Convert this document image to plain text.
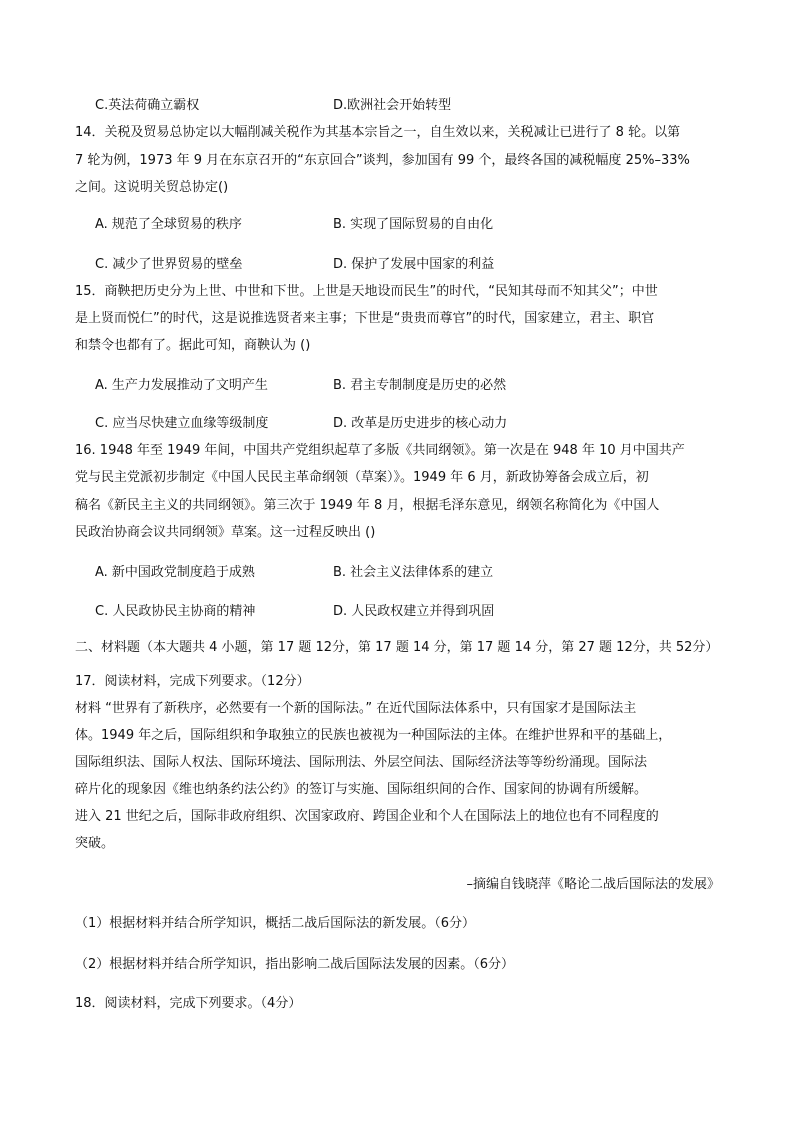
C.英法荷确立霸权	D.欧洲社会开始转型
14．关税及贸易总协定以大幅削减关税作为其基本宗旨之一，自生效以来，关税减让已进行了 8 轮。以第
7 轮为例，1973 年 9 月在东京召开的“东京回合”谈判，参加国有 99 个，最终各国的减税幅度 25%–33%
之间。这说明关贸总协定()
A. 规范了全球贸易的秩序	B. 实现了国际贸易的自由化
C. 减少了世界贸易的壁垒	D. 保护了发展中国家的利益
15．商鞅把历史分为上世、中世和下世。上世是天地设而民生”的时代，“民知其母而不知其父”；中世
是上贤而悦仁”的时代，这是说推选贤者来主事；下世是“贵贵而尊官”的时代，国家建立，君主、职官
和禁令也都有了。据此可知，商鞅认为 ()
A. 生产力发展推动了文明产生	B. 君主专制制度是历史的必然
C. 应当尽快建立血缘等级制度	D. 改革是历史进步的核心动力
16. 1948 年至 1949 年间，中国共产党组织起草了多版《共同纲领》。第一次是在 948 年 10 月中国共产
党与民主党派初步制定《中国人民民主革命纲领（草案）》。1949 年 6 月，新政协筹备会成立后，初
稿名《新民主主义的共同纲领》。第三次于 1949 年 8 月，根据毛泽东意见，纲领名称简化为《中国人
民政治协商会议共同纲领》草案。这一过程反映出 ()
A. 新中国政党制度趋于成熟	B. 社会主义法律体系的建立
C. 人民政协民主协商的精神	D. 人民政权建立并得到巩固
二、材料题（本大题共 4 小题，第 17 题 12分，第 17 题 14 分，第 17 题 14 分，第 27 题 12分，共 52分）
17．阅读材料，完成下列要求。（12分）
材料 “世界有了新秩序，必然要有一个新的国际法。” 在近代国际法体系中，只有国家才是国际法主
体。1949 年之后，国际组织和争取独立的民族也被视为一种国际法的主体。在维护世界和平的基础上，
国际组织法、国际人权法、国际环境法、国际刑法、外层空间法、国际经济法等等纷纷涌现。国际法
碎片化的现象因《维也纳条约法公约》的签订与实施、国际组织间的合作、国家间的协调有所缓解。
进入 21 世纪之后，国际非政府组织、次国家政府、跨国企业和个人在国际法上的地位也有不同程度的
突破。
–摘编自钱晓萍《略论二战后国际法的发展》
（1）根据材料并结合所学知识，概括二战后国际法的新发展。（6分）
（2）根据材料并结合所学知识，指出影响二战后国际法发展的因素。（6分）
18．阅读材料，完成下列要求。（4分）
